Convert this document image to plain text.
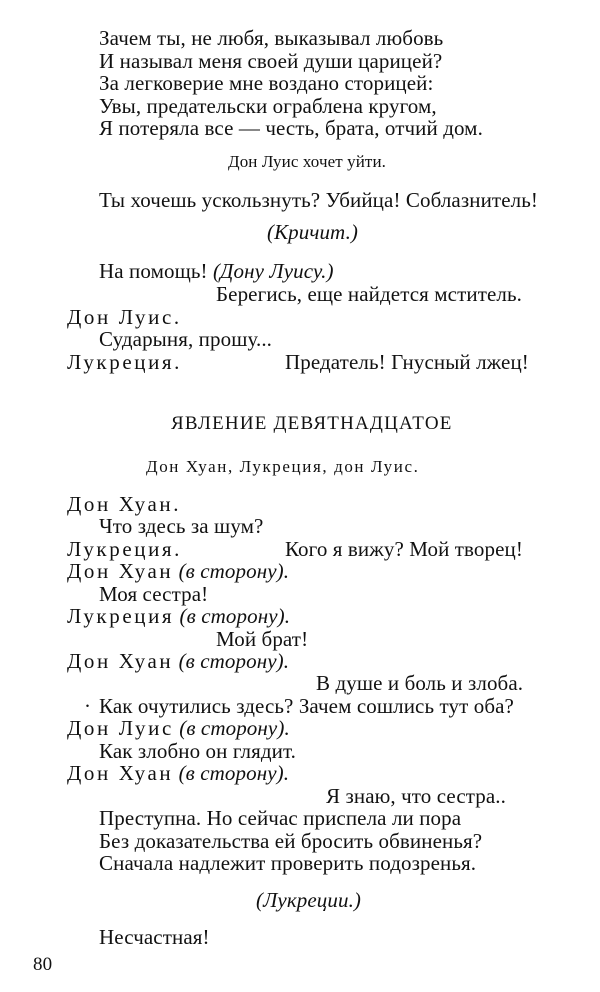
Зачем ты, не любя, выказывал любовь
И называл меня своей души царицей?
За легковерие мне воздано сторицей:
Увы, предательски ограблена кругом,
Я потеряла все — честь, брата, отчий дом.
Дон Луис хочет уйти.
Ты хочешь ускользнуть? Убийца! Соблазнитель!
(Кричит.)
На помощь! (Дону Луису.)
Берегись, еще найдется мститель.
Дон Луис.
Сударыня, прошу...
Лукреция.	Предатель! Гнусный лжец!
ЯВЛЕНИЕ ДЕВЯТНАДЦАТОЕ
Дон Хуан, Лукреция, дон Луис.
Дон Хуан.
Что здесь за шум?
Лукреция.	Кого я вижу? Мой творец!
Дон Хуан (в сторону).
Моя сестра!
Лукреция (в сторону).
Мой брат!
Дон Хуан (в сторону).
В душе и боль и злоба.
· Как очутились здесь? Зачем сошлись тут оба?
Дон Луис (в сторону).
Как злобно он глядит.
Дон Хуан (в сторону).
Я знаю, что сестра..
Преступна. Но сейчас приспела ли пора
Без доказательства ей бросить обвиненья?
Сначала надлежит проверить подозренья.
(Лукреции.)
Несчастная!
80
